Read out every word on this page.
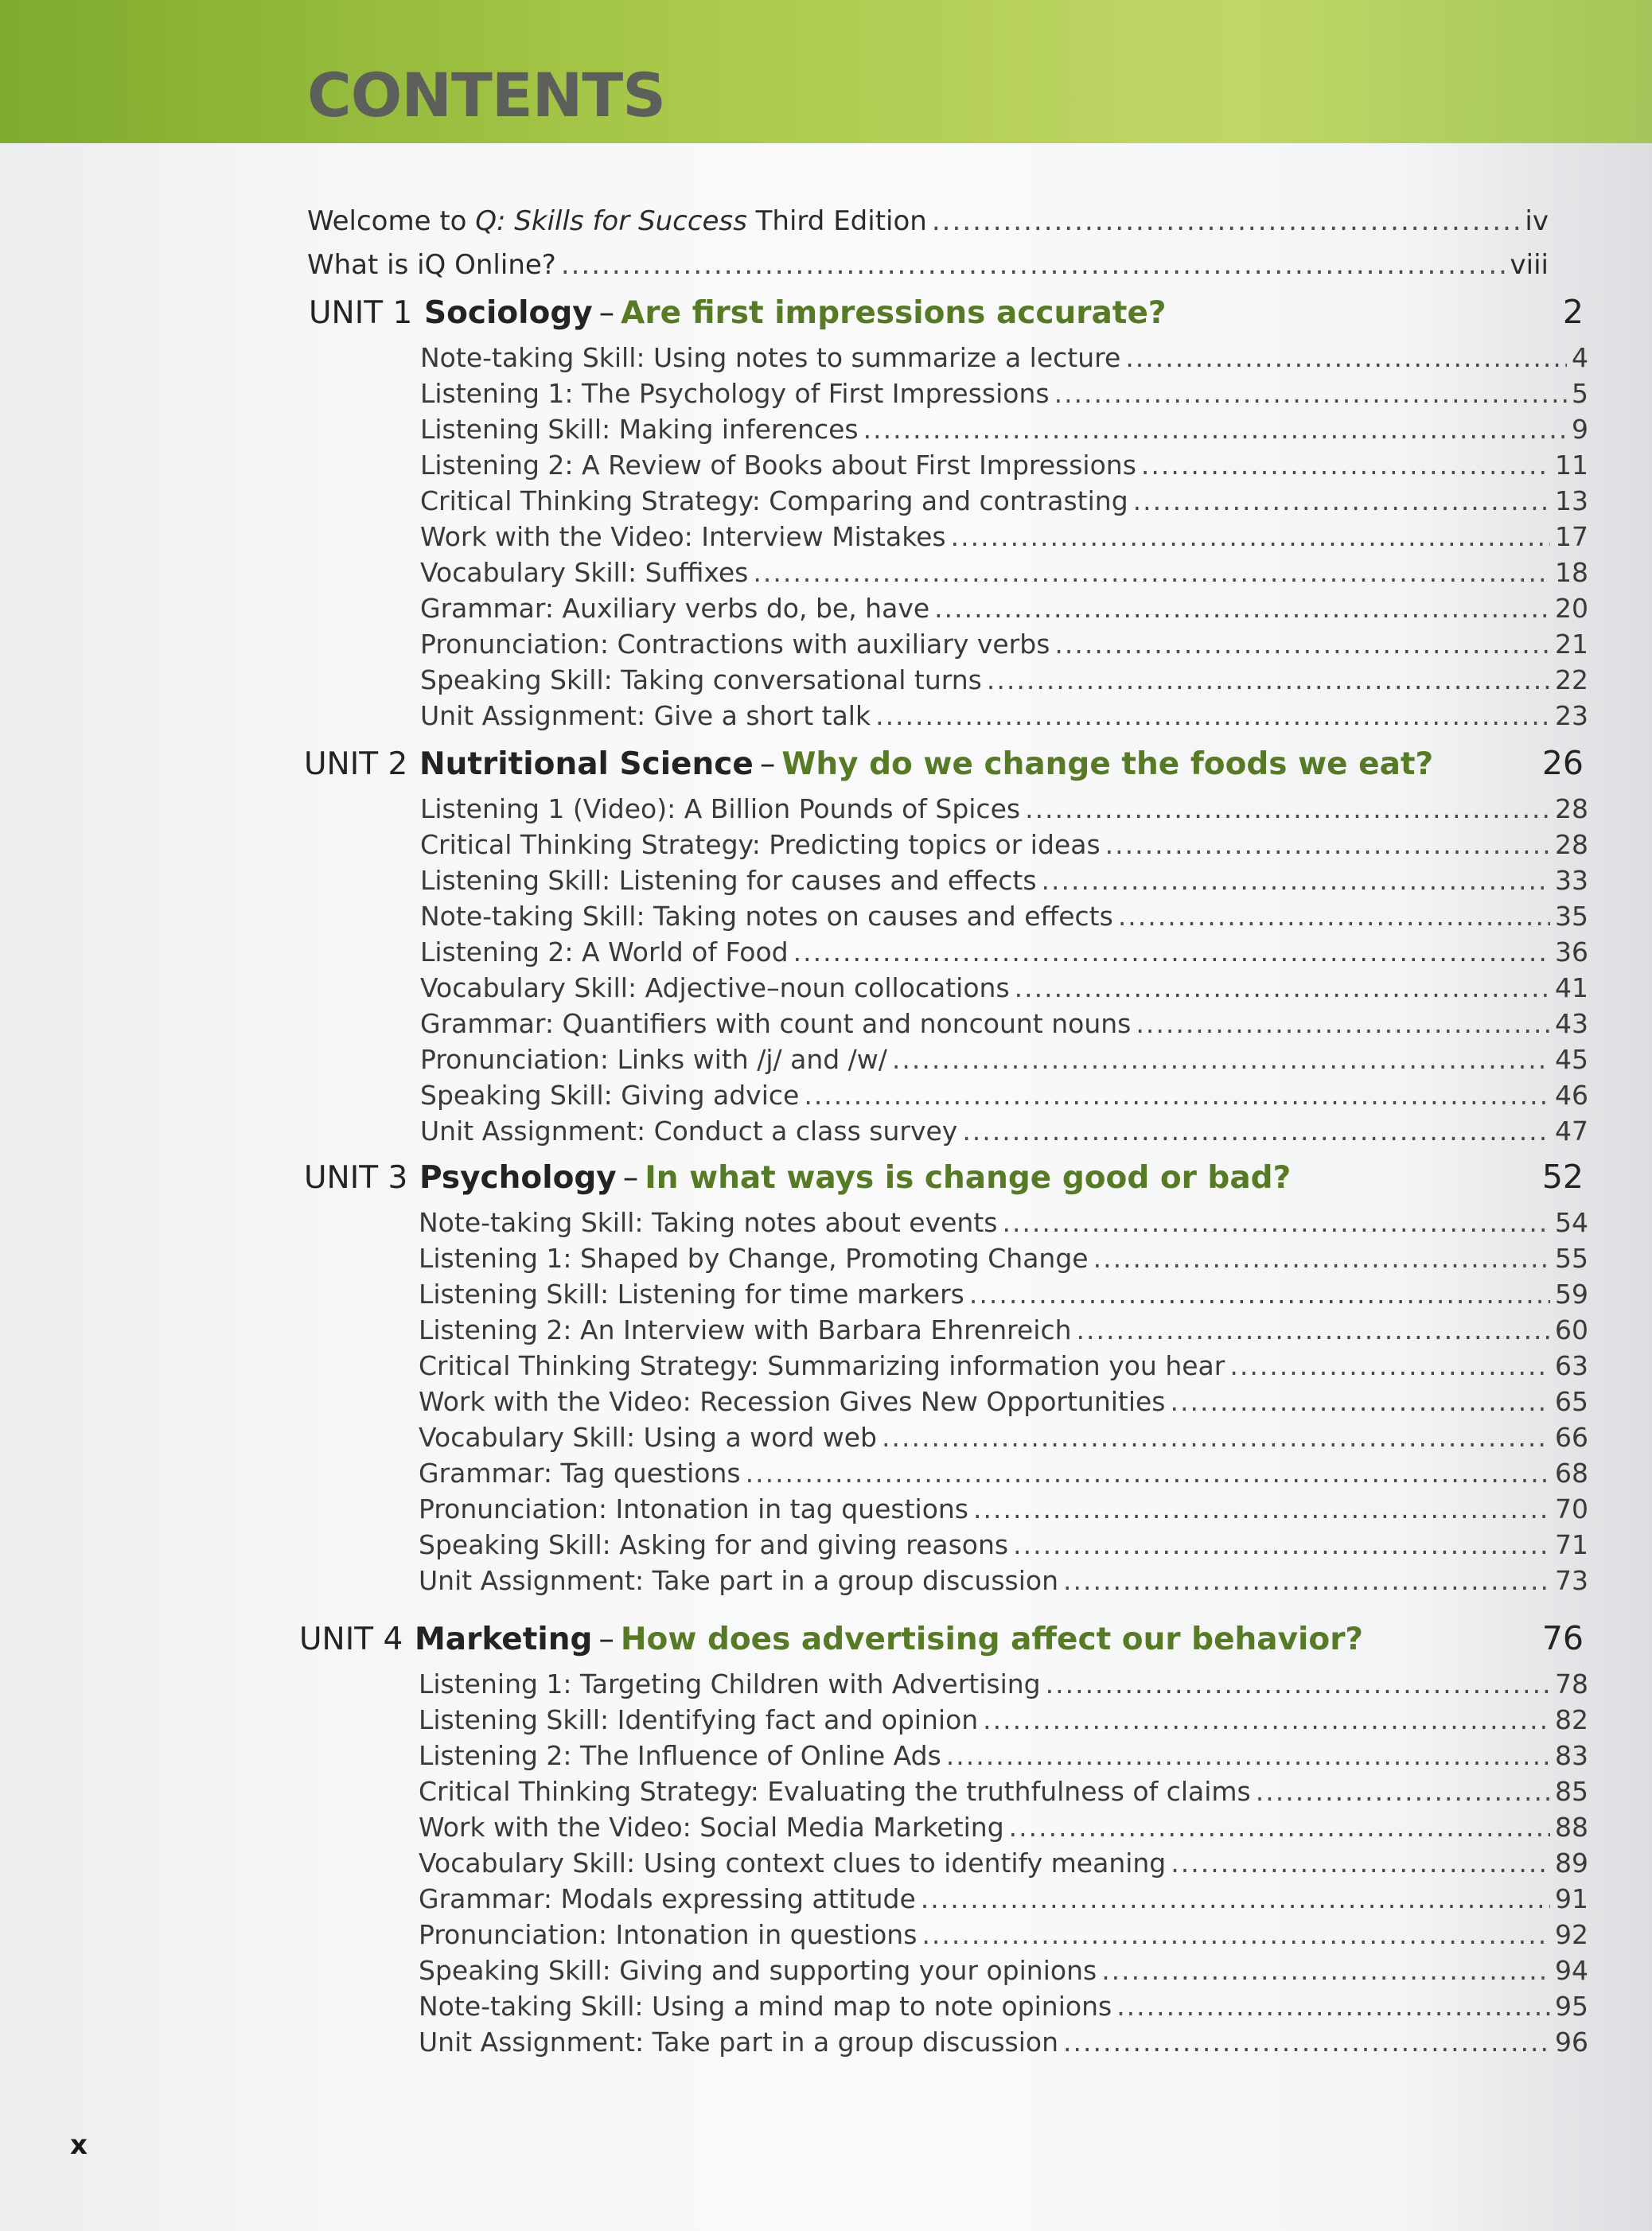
CONTENTS
Welcome to Q: Skills for Success Third Edition .....	iv
What is iQ Online? .....	viii
UNIT 1 Sociology – Are first impressions accurate?	2
Note-taking Skill: Using notes to summarize a lecture .....	4
Listening 1: The Psychology of First Impressions .....	5
Listening Skill: Making inferences .....	9
Listening 2: A Review of Books about First Impressions .....	11
Critical Thinking Strategy: Comparing and contrasting .....	13
Work with the Video: Interview Mistakes .....	17
Vocabulary Skill: Suffixes .....	18
Grammar: Auxiliary verbs do, be, have .....	20
Pronunciation: Contractions with auxiliary verbs .....	21
Speaking Skill: Taking conversational turns .....	22
Unit Assignment: Give a short talk .....	23
UNIT 2 Nutritional Science – Why do we change the foods we eat?	26
Listening 1 (Video): A Billion Pounds of Spices .....	28
Critical Thinking Strategy: Predicting topics or ideas .....	28
Listening Skill: Listening for causes and effects .....	33
Note-taking Skill: Taking notes on causes and effects .....	35
Listening 2: A World of Food .....	36
Vocabulary Skill: Adjective–noun collocations .....	41
Grammar: Quantifiers with count and noncount nouns .....	43
Pronunciation: Links with /j/ and /w/ .....	45
Speaking Skill: Giving advice .....	46
Unit Assignment: Conduct a class survey .....	47
UNIT 3 Psychology – In what ways is change good or bad?	52
Note-taking Skill: Taking notes about events .....	54
Listening 1: Shaped by Change, Promoting Change .....	55
Listening Skill: Listening for time markers .....	59
Listening 2: An Interview with Barbara Ehrenreich .....	60
Critical Thinking Strategy: Summarizing information you hear .....	63
Work with the Video: Recession Gives New Opportunities .....	65
Vocabulary Skill: Using a word web .....	66
Grammar: Tag questions .....	68
Pronunciation: Intonation in tag questions .....	70
Speaking Skill: Asking for and giving reasons .....	71
Unit Assignment: Take part in a group discussion .....	73
UNIT 4 Marketing – How does advertising affect our behavior?	76
Listening 1: Targeting Children with Advertising .....	78
Listening Skill: Identifying fact and opinion .....	82
Listening 2: The Influence of Online Ads .....	83
Critical Thinking Strategy: Evaluating the truthfulness of claims .....	85
Work with the Video: Social Media Marketing .....	88
Vocabulary Skill: Using context clues to identify meaning .....	89
Grammar: Modals expressing attitude .....	91
Pronunciation: Intonation in questions .....	92
Speaking Skill: Giving and supporting your opinions .....	94
Note-taking Skill: Using a mind map to note opinions .....	95
Unit Assignment: Take part in a group discussion .....	96
x
